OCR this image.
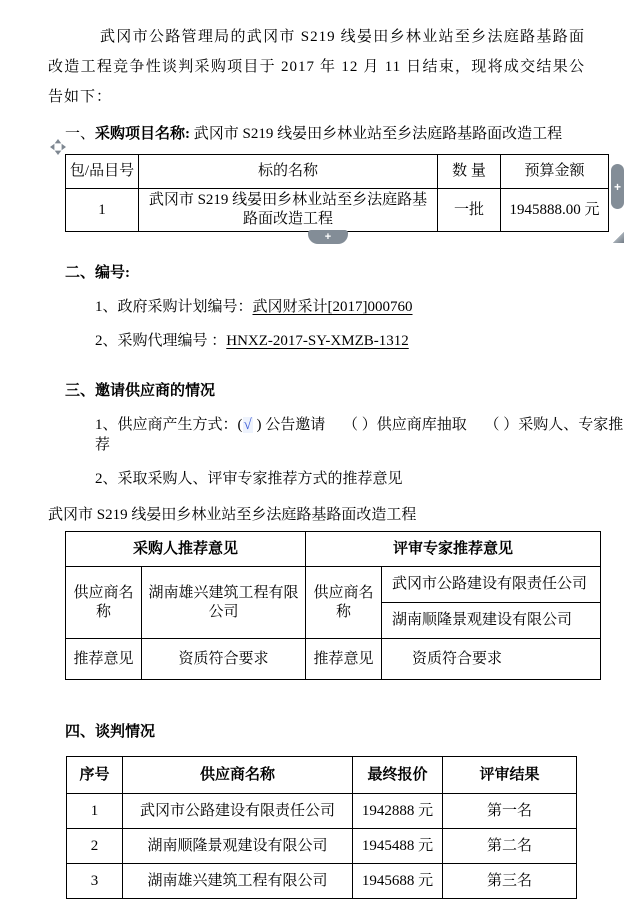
武冈市公路管理局的武冈市 S219 线晏田乡林业站至乡法庭路基路面改造工程竞争性谈判采购项目于 2017 年 12 月 11 日结束，现将成交结果公告如下：

一、采购项目名称: 武冈市 S219 线晏田乡林业站至乡法庭路基路面改造工程
包/品目号	标的名称	数 量	预算金额
1	武冈市 S219 线晏田乡林业站至乡法庭路基路面改造工程	一批	1945888.00 元
+
+
二、编号:
1、政府采购计划编号：武冈财采计[2017]000760
2、采购代理编号 ：HNXZ-2017-SY-XMZB-1312
三、邀请供应商的情况
1、供应商产生方式：(√ ) 公告邀请 （ ）供应商库抽取 （ ）采购人、专家推荐
2、采取采购人、评审专家推荐方式的推荐意见
武冈市 S219 线晏田乡林业站至乡法庭路基路面改造工程
采购人推荐意见		评审专家推荐意见	
供应商名称	湖南雄兴建筑工程有限公司	供应商名称	武冈市公路建设有限责任公司
			湖南顺隆景观建设有限公司
推荐意见	资质符合要求	推荐意见	资质符合要求
四、谈判情况
序号	供应商名称	最终报价	评审结果
1	武冈市公路建设有限责任公司	1942888 元	第一名
2	湖南顺隆景观建设有限公司	1945488 元	第二名
3	湖南雄兴建筑工程有限公司	1945688 元	第三名
